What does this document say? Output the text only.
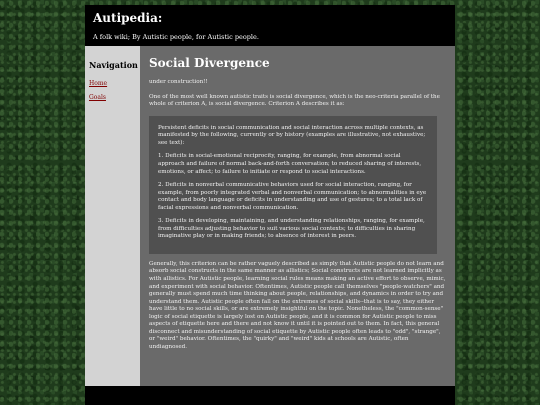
Autipedia:
A folk wiki; By Autistic people, for Autistic people.
Navigation
Home
Goals
Social Divergence

under construction!!

One of the most well known autistic traits is social divergence, which is the neo-criteria parallel of the whole of criterion A, is social divergence. Criterion A describes it as:

Persistent deficits in social communication and social interaction across multiple contexts, as manifested by the following, currently or by history (examples are illustrative, not exhaustive; see text):

1. Deficits in social-emotional reciprocity, ranging, for example, from abnormal social approach and failure of normal back-and-forth conversation; to reduced sharing of interests, emotions, or affect; to failure to initiate or respond to social interactions.

2. Deficits in nonverbal communicative behaviors used for social interaction, ranging, for example, from poorly integrated verbal and nonverbal communication; to abnormalities in eye contact and body language or deficits in understanding and use of gestures; to a total lack of facial expressions and nonverbal communication.

3. Deficits in developing, maintaining, and understanding relationships, ranging, for example, from difficulties adjusting behavior to suit various social contexts; to difficulties in sharing imaginative play or in making friends; to absence of interest in peers.

Generally, this criterion can be rather vaguely described as simply that Autistic people do not learn and absorb social constructs in the same manner as allistics; Social constructs are not learned implicitly as with allistics. For Autistic people, learning social rules means making an active effort to observe, mimic, and experiment with social behavior. Oftentimes, Autistic people call themselves "people-watchers" and generally must spend much time thinking about people, relationships, and dynamics in order to try and understand them. Autistic people often fall on the extremes of social skills--that is to say, they either have little to no social skills, or are extremely insightful on the topic. Nonetheless, the "common-sense" logic of social etiquette is largely lost on Autistic people, and it is common for Autistic people to miss aspects of etiquette here and there and not know it until it is pointed out to them. In fact, this general disconnect and misunderstanding of social etiquette by Autistic people often leads to "odd", "strange", or "weird" behavior. Oftentimes, the "quirky" and "weird" kids at schools are Autistic, often undiagnosed.
